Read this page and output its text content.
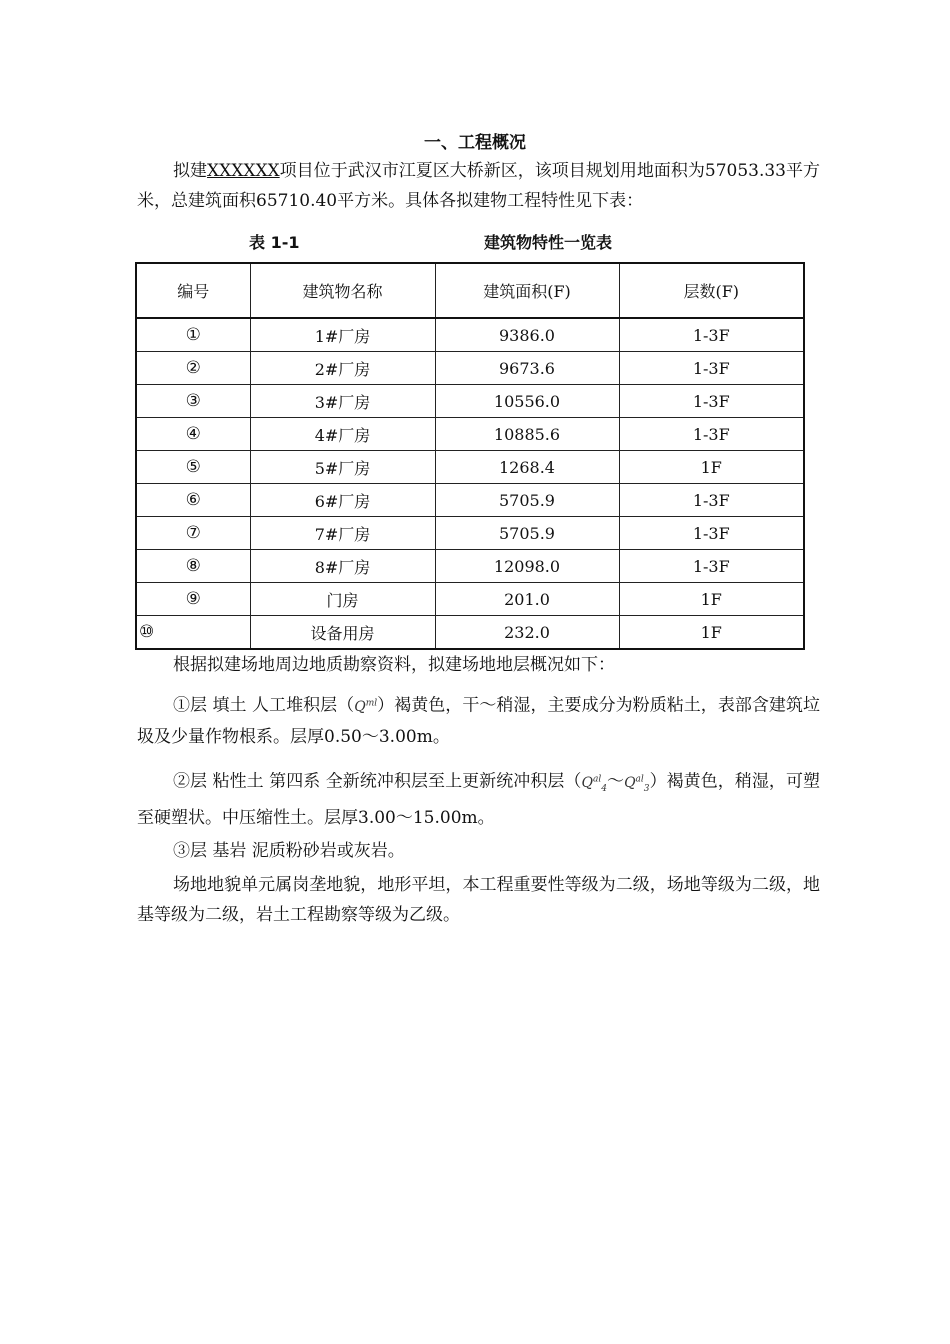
一、工程概况
拟建XXXXXX项目位于武汉市江夏区大桥新区，该项目规划用地面积为57053.33平方米，总建筑面积65710.40平方米。具体各拟建物工程特性见下表：
表 1-1	建筑物特性一览表
编号	建筑物名称	建筑面积(F)	层数(F)
①	1#厂房	9386.0	1-3F
②	2#厂房	9673.6	1-3F
③	3#厂房	10556.0	1-3F
④	4#厂房	10885.6	1-3F
⑤	5#厂房	1268.4	1F
⑥	6#厂房	5705.9	1-3F
⑦	7#厂房	5705.9	1-3F
⑧	8#厂房	12098.0	1-3F
⑨	门房	201.0	1F
⑩	设备用房	232.0	1F
根据拟建场地周边地质勘察资料，拟建场地地层概况如下：
①层 填土 人工堆积层$(Q^{ml})$褐黄色，干～稍湿，主要成分为粉质粘土，表部含建筑垃圾及少量作物根系。层厚0.50～3.00m。
②层 粘性土 第四系 全新统冲积层至上更新统冲积层$(Q^{al}_4\sim Q^{al}_3)$褐黄色，稍湿，可塑至硬塑状。中压缩性土。层厚3.00～15.00m。
③层 基岩 泥质粉砂岩或灰岩。
场地地貌单元属岗垄地貌，地形平坦，本工程重要性等级为二级，场地等级为二级，地基等级为二级，岩土工程勘察等级为乙级。
